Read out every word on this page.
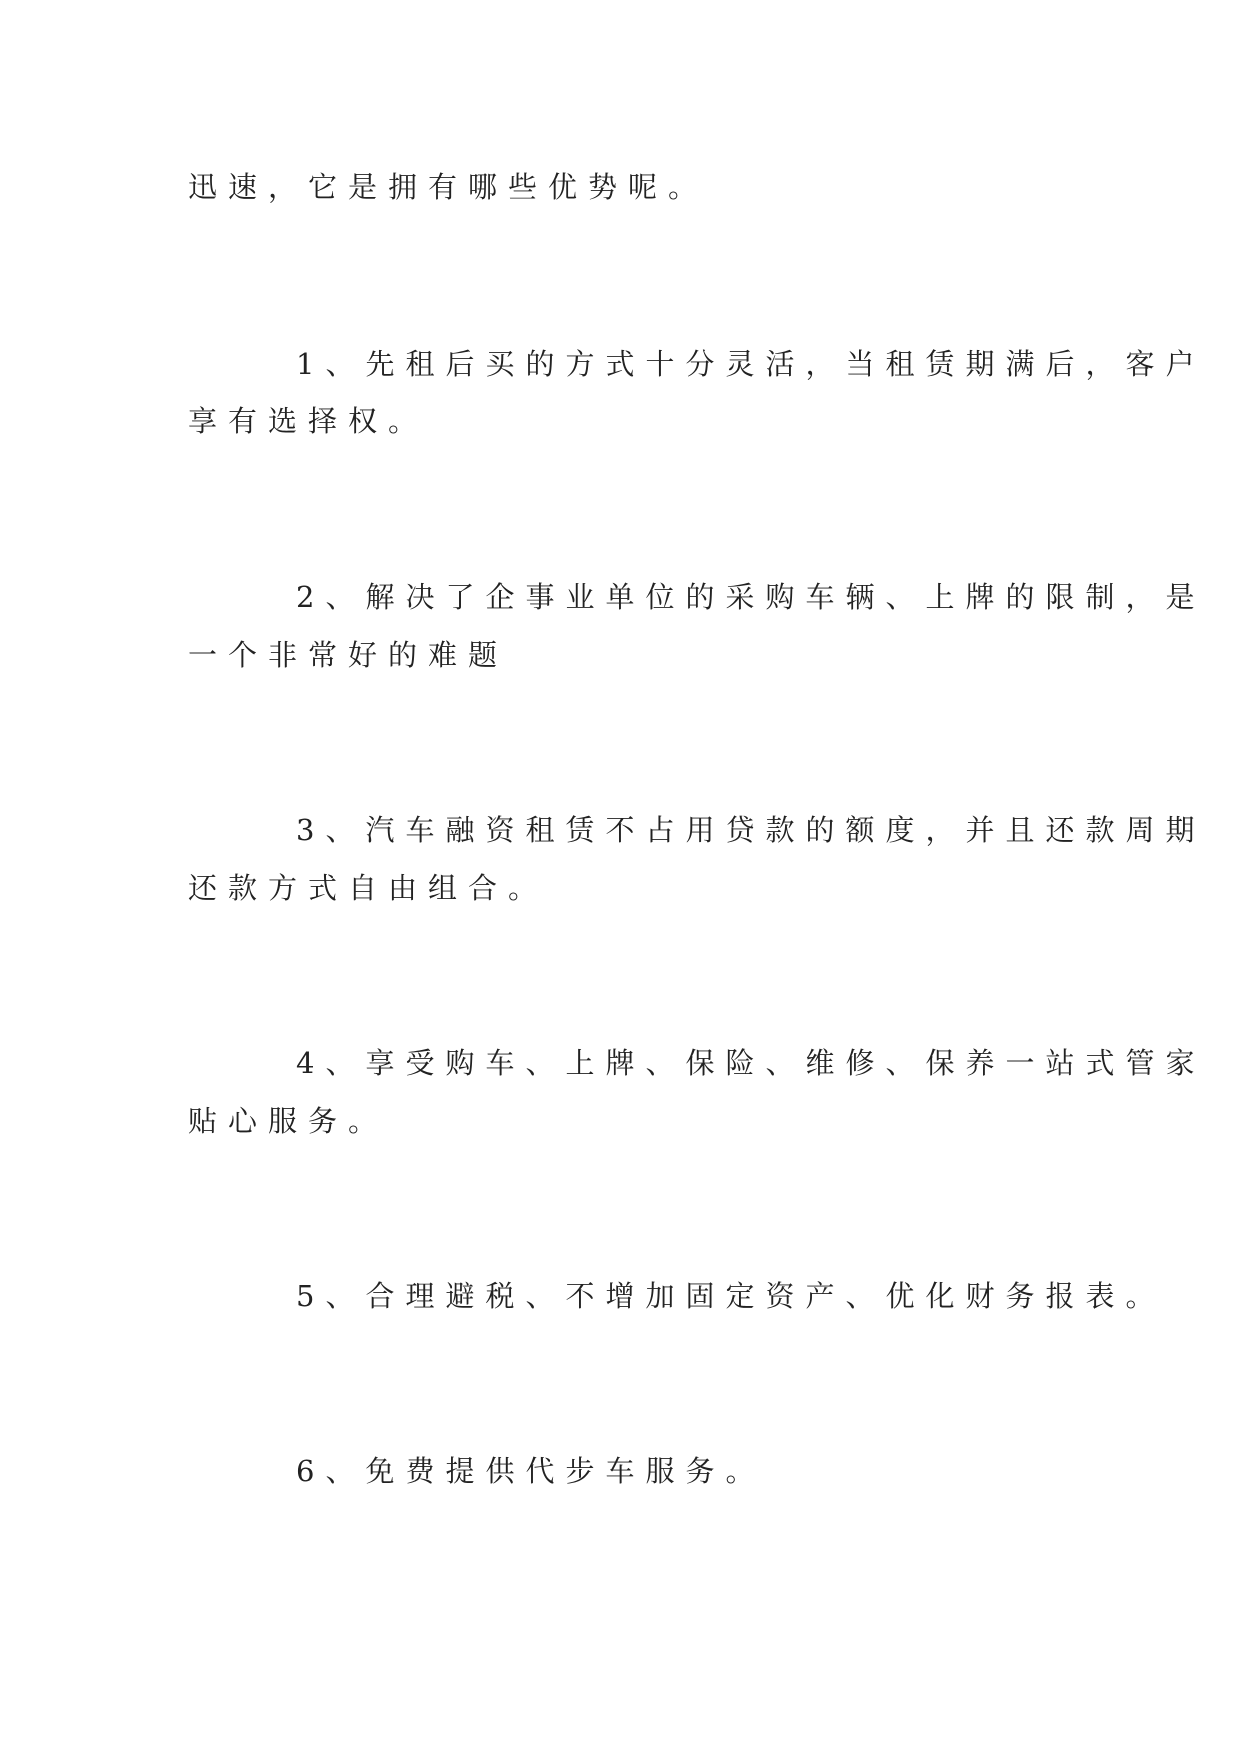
迅速，它是拥有哪些优势呢。

1、先租后买的方式十分灵活，当租赁期满后，客户

享有选择权。

2、解决了企事业单位的采购车辆、上牌的限制，是

一个非常好的难题

3、汽车融资租赁不占用贷款的额度，并且还款周期

还款方式自由组合。

4、享受购车、上牌、保险、维修、保养一站式管家

贴心服务。

5、合理避税、不增加固定资产、优化财务报表。

6、免费提供代步车服务。
